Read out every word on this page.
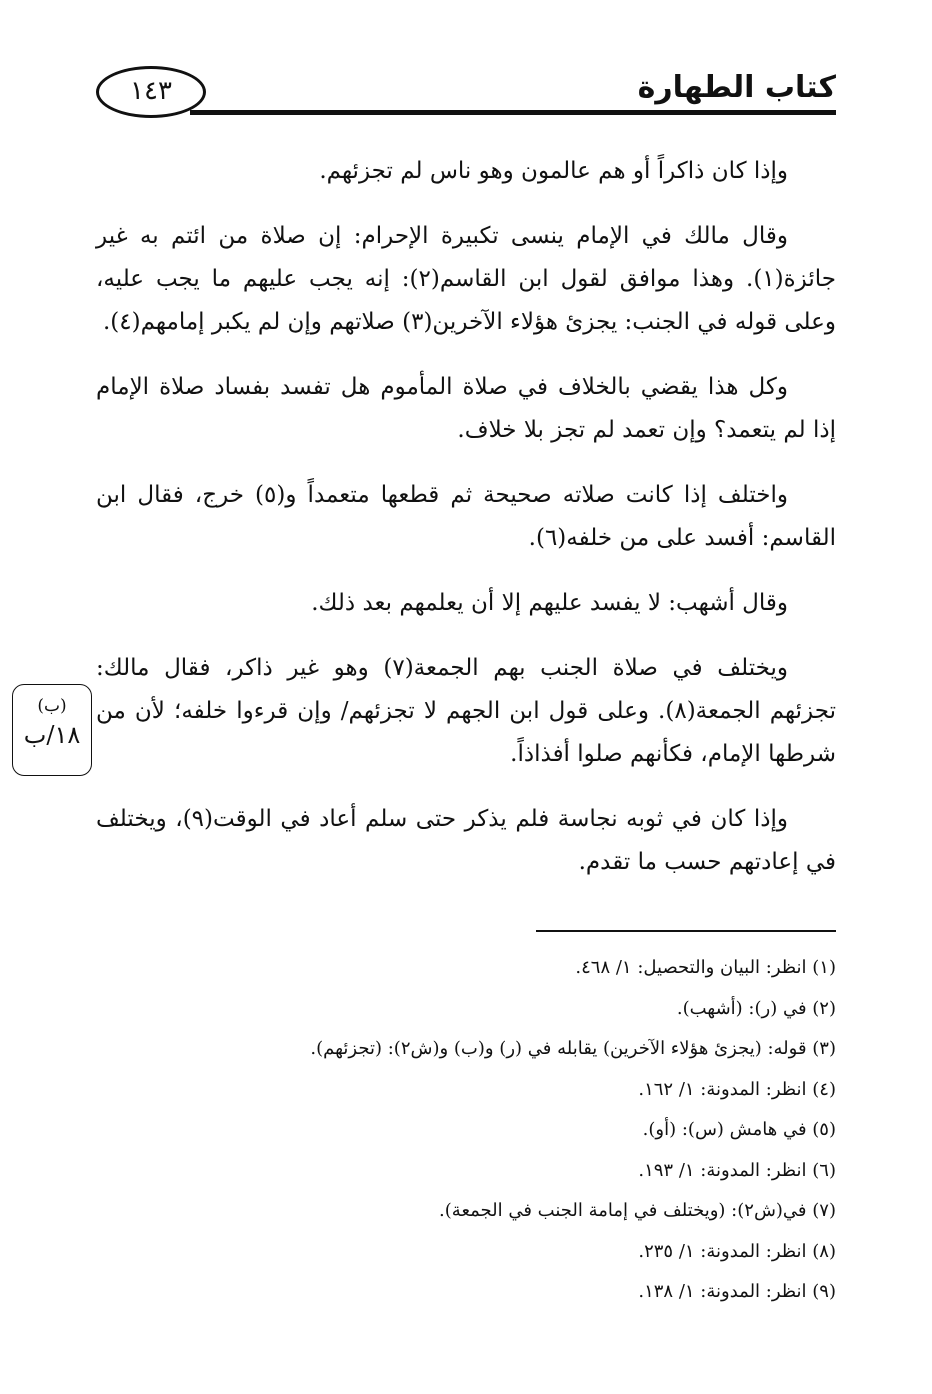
كتاب الطهارة
١٤٣

وإذا كان ذاكراً أو هم عالمون وهو ناس لم تجزئهم.

وقال مالك في الإمام ينسى تكبيرة الإحرام: إن صلاة من ائتم به غير جائزة(١). وهذا موافق لقول ابن القاسم(٢): إنه يجب عليهم ما يجب عليه، وعلى قوله في الجنب: يجزئ هؤلاء الآخرين(٣) صلاتهم وإن لم يكبر إمامهم(٤).

وكل هذا يقضي بالخلاف في صلاة المأموم هل تفسد بفساد صلاة الإمام إذا لم يتعمد؟ وإن تعمد لم تجز بلا خلاف.

واختلف إذا كانت صلاته صحيحة ثم قطعها متعمداً و(٥) خرج، فقال ابن القاسم: أفسد على من خلفه(٦).

وقال أشهب: لا يفسد عليهم إلا أن يعلمهم بعد ذلك.

ويختلف في صلاة الجنب بهم الجمعة(٧) وهو غير ذاكر، فقال مالك: تجزئهم الجمعة(٨). وعلى قول ابن الجهم لا تجزئهم/ وإن قرءوا خلفه؛ لأن من شرطها الإمام، فكأنهم صلوا أفذاذاً.

وإذا كان في ثوبه نجاسة فلم يذكر حتى سلم أعاد في الوقت(٩)، ويختلف في إعادتهم حسب ما تقدم.

(ب)
١٨/ب
(١) انظر: البيان والتحصيل: ١/ ٤٦٨.
(٢) في (ر): (أشهب).
(٣) قوله: (يجزئ هؤلاء الآخرين) يقابله في (ر) و(ب) و(ش٢): (تجزئهم).
(٤) انظر: المدونة: ١/ ١٦٢.
(٥) في هامش (س): (أو).
(٦) انظر: المدونة: ١/ ١٩٣.
(٧) في(ش٢): (ويختلف في إمامة الجنب في الجمعة).
(٨) انظر: المدونة: ١/ ٢٣٥.
(٩) انظر: المدونة: ١/ ١٣٨.
